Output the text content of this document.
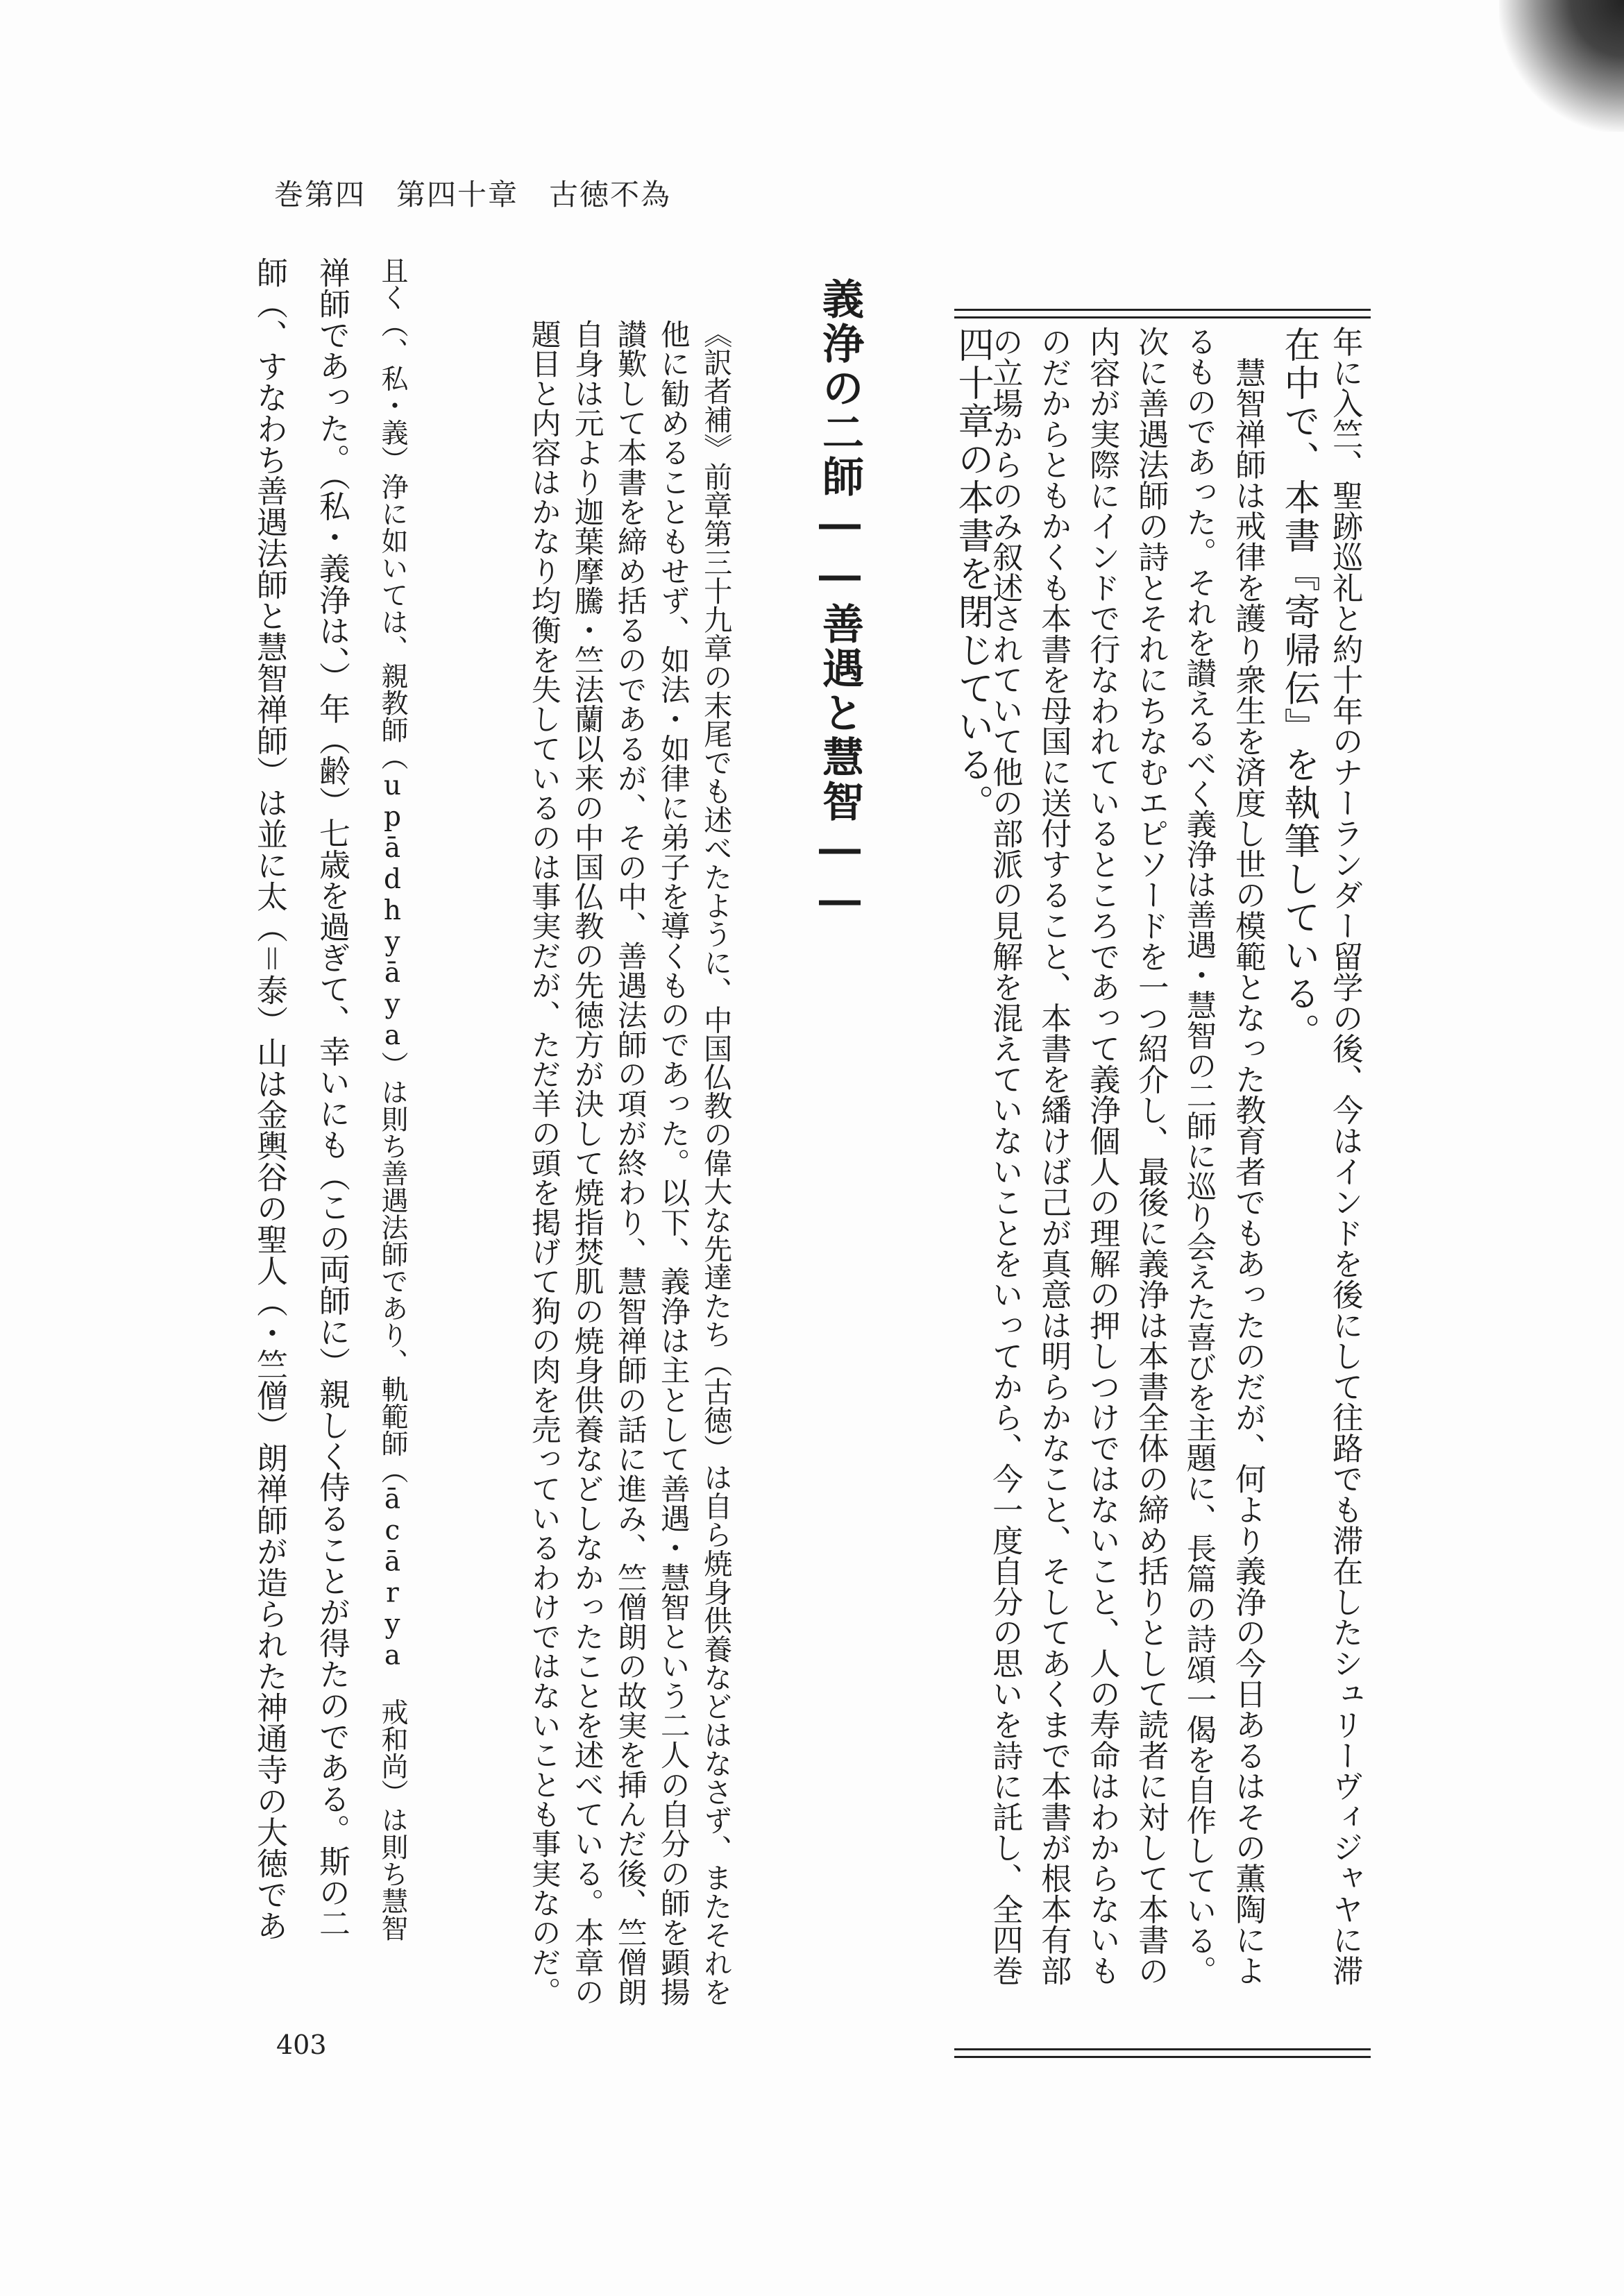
巻第四　第四十章　古徳不為
年に入竺、聖跡巡礼と約十年のナーランダー留学の後、今はインドを後にして往路でも滞在したシュリーヴィジャヤに滞
在中で、本書『寄帰伝』を執筆している。
　慧智禅師は戒律を護り衆生を済度し世の模範となった教育者でもあったのだが、何より義浄の今日あるはその薫陶によ
るものであった。それを讃えるべく義浄は善遇・慧智の二師に巡り会えた喜びを主題に、長篇の詩頌一偈を自作している。
次に善遇法師の詩とそれにちなむエピソードを一つ紹介し、最後に義浄は本書全体の締め括りとして読者に対して本書の
内容が実際にインドで行なわれているところであって義浄個人の理解の押しつけではないこと、人の寿命はわからないも
のだからともかくも本書を母国に送付すること、本書を繙けば己が真意は明らかなこと、そしてあくまで本書が根本有部
の立場からのみ叙述されていて他の部派の見解を混えていないことをいってから、今一度自分の思いを詩に託し、全四巻
四十章の本書を閉じている。
義浄の二師――善遇と慧智――
《訳者補》前章第三十九章の末尾でも述べたように、中国仏教の偉大な先達たち（古徳）は自ら焼身供養などはなさず、またそれを
他に勧めることもせず、如法・如律に弟子を導くものであった。以下、義浄は主として善遇・慧智という二人の自分の師を顕揚
讃歎して本書を締め括るのであるが、その中、善遇法師の項が終わり、慧智禅師の話に進み、竺僧朗の故実を挿んだ後、竺僧朗
自身は元より迦葉摩騰・竺法蘭以来の中国仏教の先徳方が決して焼指焚肌の焼身供養などしなかったことを述べている。本章の
題目と内容はかなり均衡を失しているのは事実だが、ただ羊の頭を掲げて狗の肉を売っているわけではないことも事実なのだ。
且く（、私・義）浄に如いては、親教師（upādhyāya）は則ち善遇法師であり、軌範師（ācārya　戒和尚）は則ち慧智
禅師であった。（私・義浄は、）年（齢）七歳を過ぎて、幸いにも（この両師に）親しく侍ることが得たのである。斯の二
師（、すなわち善遇法師と慧智禅師）は並に太（＝泰）山は金輿谷の聖人（・竺僧）朗禅師が造られた神通寺の大徳であ
403
